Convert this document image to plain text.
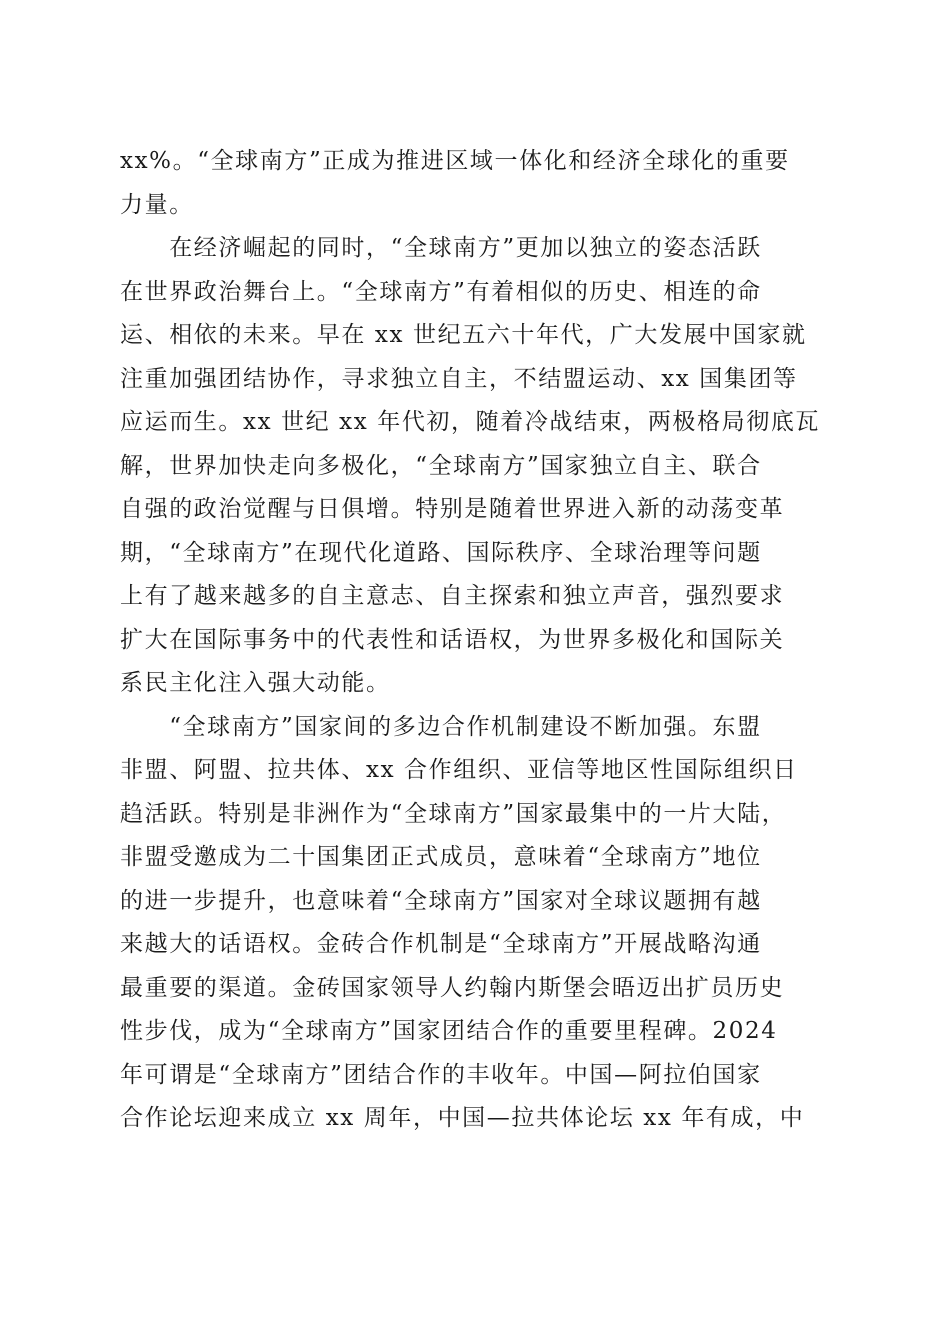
xx%。“全球南方”正成为推进区域一体化和经济全球化的重要
力量。
　　在经济崛起的同时，“全球南方”更加以独立的姿态活跃
在世界政治舞台上。“全球南方”有着相似的历史、相连的命
运、相依的未来。早在 xx 世纪五六十年代，广大发展中国家就
注重加强团结协作，寻求独立自主，不结盟运动、xx 国集团等
应运而生。xx 世纪 xx 年代初，随着冷战结束，两极格局彻底瓦
解，世界加快走向多极化，“全球南方”国家独立自主、联合
自强的政治觉醒与日俱增。特别是随着世界进入新的动荡变革
期，“全球南方”在现代化道路、国际秩序、全球治理等问题
上有了越来越多的自主意志、自主探索和独立声音，强烈要求
扩大在国际事务中的代表性和话语权，为世界多极化和国际关
系民主化注入强大动能。
　　“全球南方”国家间的多边合作机制建设不断加强。东盟
非盟、阿盟、拉共体、xx 合作组织、亚信等地区性国际组织日
趋活跃。特别是非洲作为“全球南方”国家最集中的一片大陆，
非盟受邀成为二十国集团正式成员，意味着“全球南方”地位
的进一步提升，也意味着“全球南方”国家对全球议题拥有越
来越大的话语权。金砖合作机制是“全球南方”开展战略沟通
最重要的渠道。金砖国家领导人约翰内斯堡会晤迈出扩员历史
性步伐，成为“全球南方”国家团结合作的重要里程碑。2024
年可谓是“全球南方”团结合作的丰收年。中国—阿拉伯国家
合作论坛迎来成立 xx 周年，中国—拉共体论坛 xx 年有成，中
